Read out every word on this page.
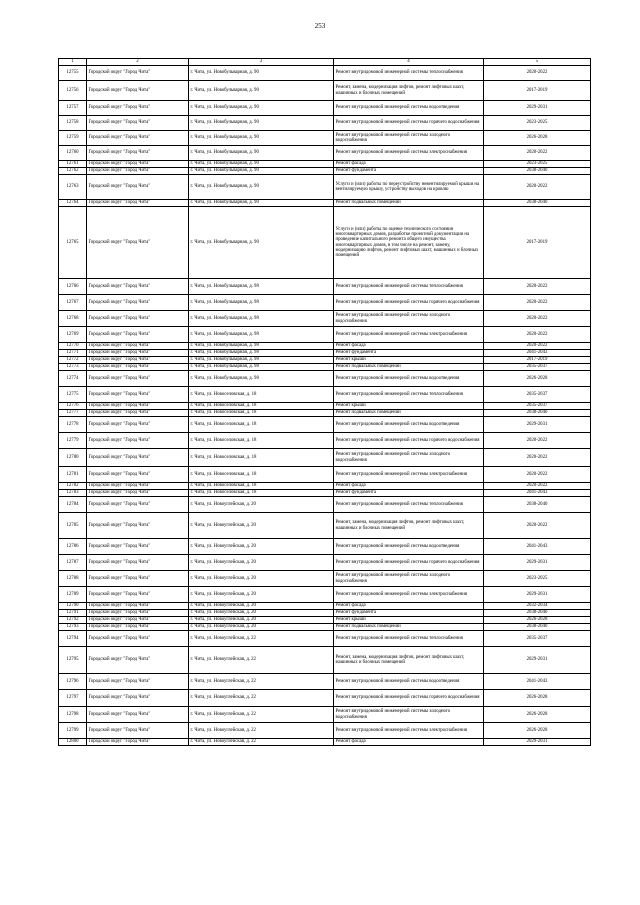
253
1	2	3	4	5
12755	Городской округ "Город Чита"	г. Чита, ул. Новобульварная, д. 90	Ремонт внутридомовой инженерной системы теплоснабжения	2020-2022
12756	Городской округ "Город Чита"	г. Чита, ул. Новобульварная, д. 90	Ремонт, замена, модернизация лифтов, ремонт лифтовых шахт, машинных и блочных помещений	2017-2019
12757	Городской округ "Город Чита"	г. Чита, ул. Новобульварная, д. 90	Ремонт внутридомовой инженерной системы водоотведения	2029-2031
12758	Городской округ "Город Чита"	г. Чита, ул. Новобульварная, д. 90	Ремонт внутридомовой инженерной системы горячего водоснабжения	2023-2025
12759	Городской округ "Город Чита"	г. Чита, ул. Новобульварная, д. 90	Ремонт внутридомовой инженерной системы холодного водоснабжения	2026-2028
12760	Городской округ "Город Чита"	г. Чита, ул. Новобульварная, д. 90	Ремонт внутридомовой инженерной системы электроснабжения	2020-2022
12761	Городской округ "Город Чита"	г. Чита, ул. Новобульварная, д. 90	Ремонт фасада	2023-2025
12762	Городской округ "Город Чита"	г. Чита, ул. Новобульварная, д. 90	Ремонт фундамента	2038-2040
12763	Городской округ "Город Чита"	г. Чита, ул. Новобульварная, д. 90	Услуги и (или) работы по переустройству невентилируемой крыши на вентилируемую крышу, устройству выходов на кровлю	2020-2022
12764	Городской округ "Город Чита"	г. Чита, ул. Новобульварная, д. 90	Ремонт подвальных помещений	2038-2040
12765	Городской округ "Город Чита"	г. Чита, ул. Новобульварная, д. 90	Услуги и (или) работы по оценке технического состояния многоквартирных домов, разработке проектной документации на проведение капитального ремонта общего имущества многоквартирных домов, в том числе на ремонт, замену, модернизацию лифтов, ремонт лифтовых шахт, машинных и блочных помещений	2017-2019
12766	Городской округ "Город Чита"	г. Чита, ул. Новобульварная, д. 98	Ремонт внутридомовой инженерной системы теплоснабжения	2020-2022
12767	Городской округ "Город Чита"	г. Чита, ул. Новобульварная, д. 98	Ремонт внутридомовой инженерной системы горячего водоснабжения	2020-2022
12768	Городской округ "Город Чита"	г. Чита, ул. Новобульварная, д. 98	Ремонт внутридомовой инженерной системы холодного водоснабжения	2020-2022
12769	Городской округ "Город Чита"	г. Чита, ул. Новобульварная, д. 98	Ремонт внутридомовой инженерной системы электроснабжения	2020-2022
12770	Городской округ "Город Чита"	г. Чита, ул. Новобульварная, д. 98	Ремонт фасада	2020-2022
12771	Городской округ "Город Чита"	г. Чита, ул. Новобульварная, д. 98	Ремонт фундамента	2041-2043
12772	Городской округ "Город Чита"	г. Чита, ул. Новобульварная, д. 98	Ремонт крыши	2017-2019
12773	Городской округ "Город Чита"	г. Чита, ул. Новобульварная, д. 98	Ремонт подвальных помещений	2035-2037
12774	Городской округ "Город Чита"	г. Чита, ул. Новобульварная, д. 98	Ремонт внутридомовой инженерной системы водоотведения	2026-2028
12775	Городской округ "Город Чита"	г. Чита, ул. Новоселовская, д. 18	Ремонт внутридомовой инженерной системы теплоснабжения	2035-2037
12776	Городской округ "Город Чита"	г. Чита, ул. Новоселовская, д. 18	Ремонт крыши	2035-2037
12777	Городской округ "Город Чита"	г. Чита, ул. Новоселовская, д. 18	Ремонт подвальных помещений	2038-2040
12778	Городской округ "Город Чита"	г. Чита, ул. Новоселовская, д. 18	Ремонт внутридомовой инженерной системы водоотведения	2029-2031
12779	Городской округ "Город Чита"	г. Чита, ул. Новоселовская, д. 18	Ремонт внутридомовой инженерной системы горячего водоснабжения	2020-2022
12780	Городской округ "Город Чита"	г. Чита, ул. Новоселовская, д. 18	Ремонт внутридомовой инженерной системы холодного водоснабжения	2020-2022
12781	Городской округ "Город Чита"	г. Чита, ул. Новоселовская, д. 18	Ремонт внутридомовой инженерной системы электроснабжения	2020-2022
12782	Городской округ "Город Чита"	г. Чита, ул. Новоселовская, д. 18	Ремонт фасада	2020-2022
12783	Городской округ "Город Чита"	г. Чита, ул. Новоселовская, д. 18	Ремонт фундамента	2041-2043
12784	Городской округ "Город Чита"	г. Чита, ул. Новоуглейская, д. 20	Ремонт внутридомовой инженерной системы теплоснабжения	2038-2040
12785	Городской округ "Город Чита"	г. Чита, ул. Новоуглейская, д. 20	Ремонт, замена, модернизация лифтов, ремонт лифтовых шахт, машинных и блочных помещений	2020-2022
12786	Городской округ "Город Чита"	г. Чита, ул. Новоуглейская, д. 20	Ремонт внутридомовой инженерной системы водоотведения	2041-2043
12787	Городской округ "Город Чита"	г. Чита, ул. Новоуглейская, д. 20	Ремонт внутридомовой инженерной системы горячего водоснабжения	2029-2031
12788	Городской округ "Город Чита"	г. Чита, ул. Новоуглейская, д. 20	Ремонт внутридомовой инженерной системы холодного водоснабжения	2023-2025
12789	Городской округ "Город Чита"	г. Чита, ул. Новоуглейская, д. 20	Ремонт внутридомовой инженерной системы электроснабжения	2029-2031
12790	Городской округ "Город Чита"	г. Чита, ул. Новоуглейская, д. 20	Ремонт фасада	2032-2034
12791	Городской округ "Город Чита"	г. Чита, ул. Новоуглейская, д. 20	Ремонт фундамента	2038-2040
12792	Городской округ "Город Чита"	г. Чита, ул. Новоуглейская, д. 20	Ремонт крыши	2026-2028
12793	Городской округ "Город Чита"	г. Чита, ул. Новоуглейская, д. 20	Ремонт подвальных помещений	2038-2040
12794	Городской округ "Город Чита"	г. Чита, ул. Новоуглейская, д. 22	Ремонт внутридомовой инженерной системы теплоснабжения	2035-2037
12795	Городской округ "Город Чита"	г. Чита, ул. Новоуглейская, д. 22	Ремонт, замена, модернизация лифтов, ремонт лифтовых шахт, машинных и блочных помещений	2029-2031
12796	Городской округ "Город Чита"	г. Чита, ул. Новоуглейская, д. 22	Ремонт внутридомовой инженерной системы водоотведения	2041-2043
12797	Городской округ "Город Чита"	г. Чита, ул. Новоуглейская, д. 22	Ремонт внутридомовой инженерной системы горячего водоснабжения	2026-2028
12798	Городской округ "Город Чита"	г. Чита, ул. Новоуглейская, д. 22	Ремонт внутридомовой инженерной системы холодного водоснабжения	2026-2028
12799	Городской округ "Город Чита"	г. Чита, ул. Новоуглейская, д. 22	Ремонт внутридомовой инженерной системы электроснабжения	2026-2028
12800	Городской округ "Город Чита"	г. Чита, ул. Новоуглейская, д. 22	Ремонт фасада	2029-2031
